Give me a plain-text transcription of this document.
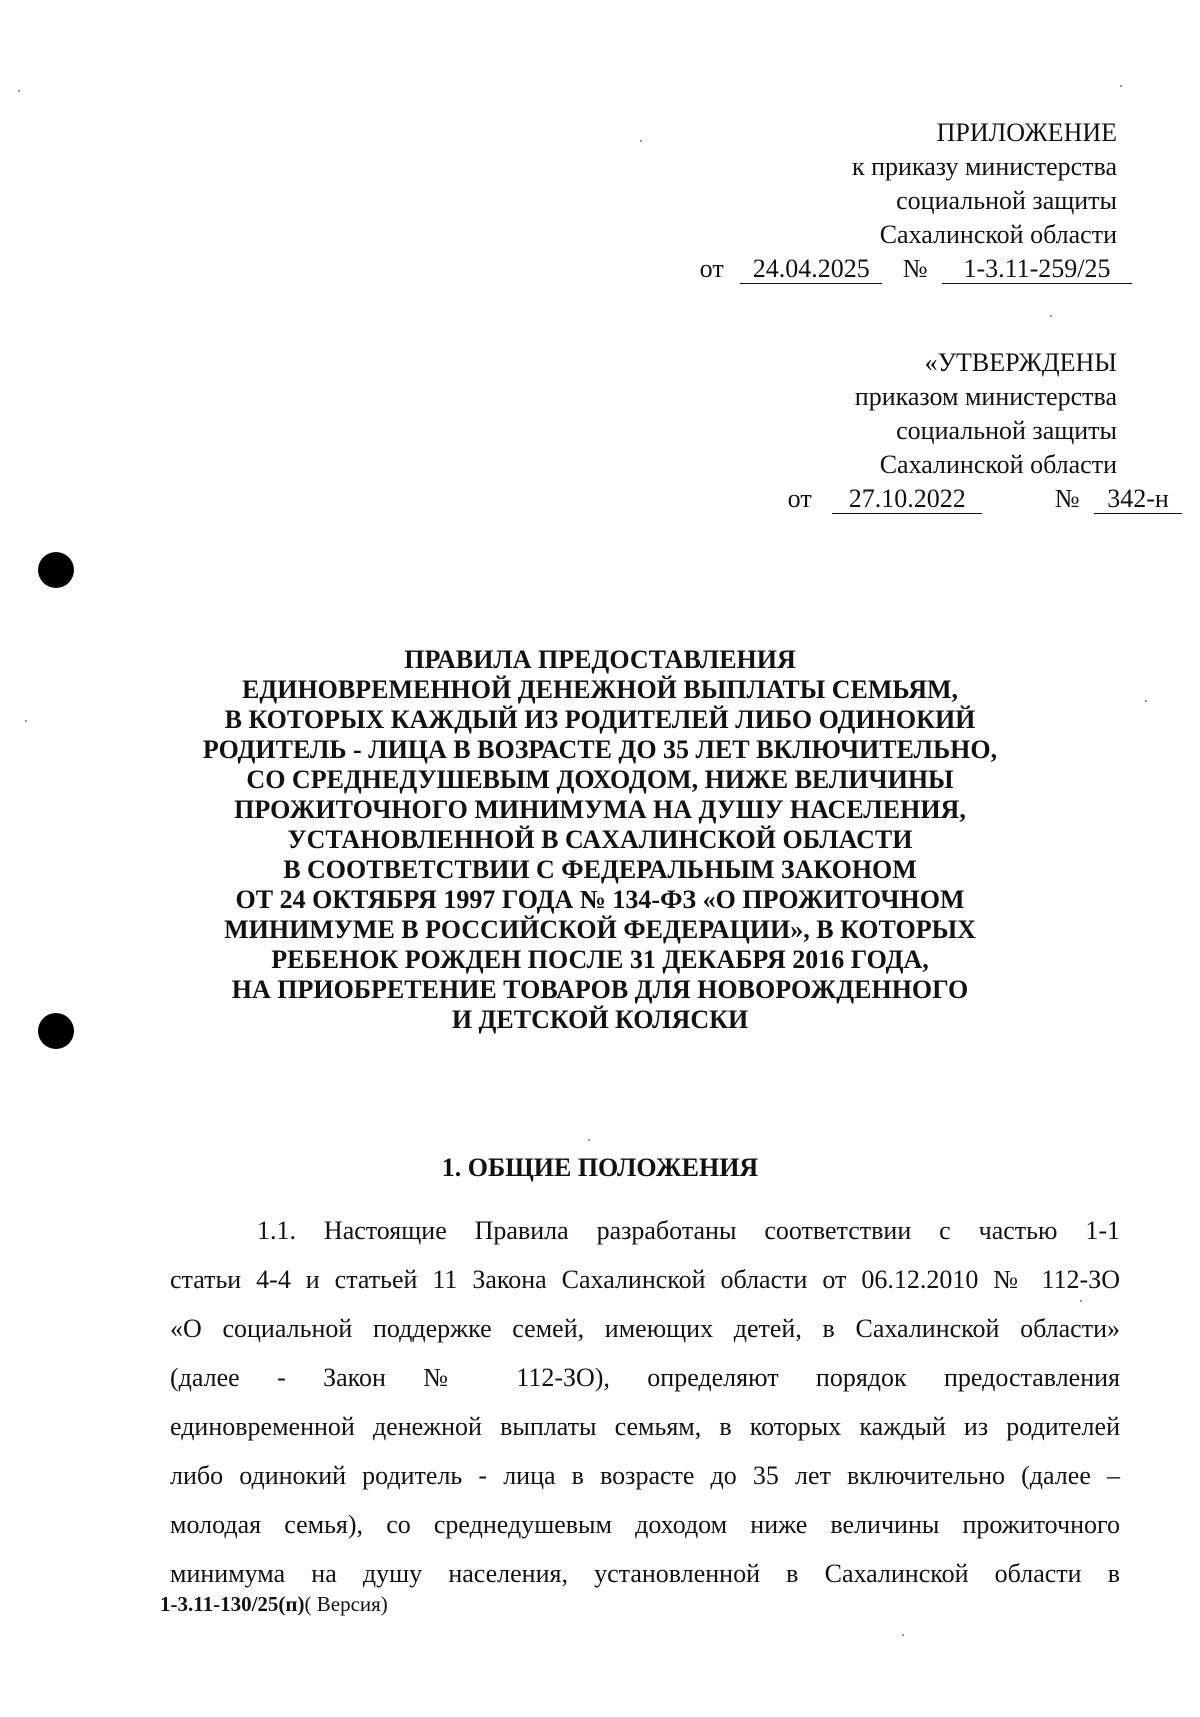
ПРИЛОЖЕНИЕ
к приказу министерства
социальной защиты
Сахалинской области
от 24.04.2025 № 1-3.11-259/25
«УТВЕРЖДЕНЫ
приказом министерства
социальной защиты
Сахалинской области
от 27.10.2022	№ 342-н
ПРАВИЛА ПРЕДОСТАВЛЕНИЯ
ЕДИНОВРЕМЕННОЙ ДЕНЕЖНОЙ ВЫПЛАТЫ СЕМЬЯМ,
В КОТОРЫХ КАЖДЫЙ ИЗ РОДИТЕЛЕЙ ЛИБО ОДИНОКИЙ
РОДИТЕЛЬ - ЛИЦА В ВОЗРАСТЕ ДО 35 ЛЕТ ВКЛЮЧИТЕЛЬНО,
СО СРЕДНЕДУШЕВЫМ ДОХОДОМ, НИЖЕ ВЕЛИЧИНЫ
ПРОЖИТОЧНОГО МИНИМУМА НА ДУШУ НАСЕЛЕНИЯ,
УСТАНОВЛЕННОЙ В САХАЛИНСКОЙ ОБЛАСТИ
В СООТВЕТСТВИИ С ФЕДЕРАЛЬНЫМ ЗАКОНОМ
ОТ 24 ОКТЯБРЯ 1997 ГОДА № 134-ФЗ «О ПРОЖИТОЧНОМ
МИНИМУМЕ В РОССИЙСКОЙ ФЕДЕРАЦИИ», В КОТОРЫХ
РЕБЕНОК РОЖДЕН ПОСЛЕ 31 ДЕКАБРЯ 2016 ГОДА,
НА ПРИОБРЕТЕНИЕ ТОВАРОВ ДЛЯ НОВОРОЖДЕННОГО
И ДЕТСКОЙ КОЛЯСКИ
1. ОБЩИЕ ПОЛОЖЕНИЯ
1.1. Настоящие Правила разработаны соответствии с частью 1-1
статьи 4-4 и статьей 11 Закона Сахалинской области от 06.12.2010 № 112-ЗО
«О социальной поддержке семей, имеющих детей, в Сахалинской области»
(далее - Закон № 112-ЗО), определяют порядок предоставления
единовременной денежной выплаты семьям, в которых каждый из родителей
либо одинокий родитель - лица в возрасте до 35 лет включительно (далее –
молодая семья), со среднедушевым доходом ниже величины прожиточного
минимума на душу населения, установленной в Сахалинской области в
1-3.11-130/25(п)( Версия)
